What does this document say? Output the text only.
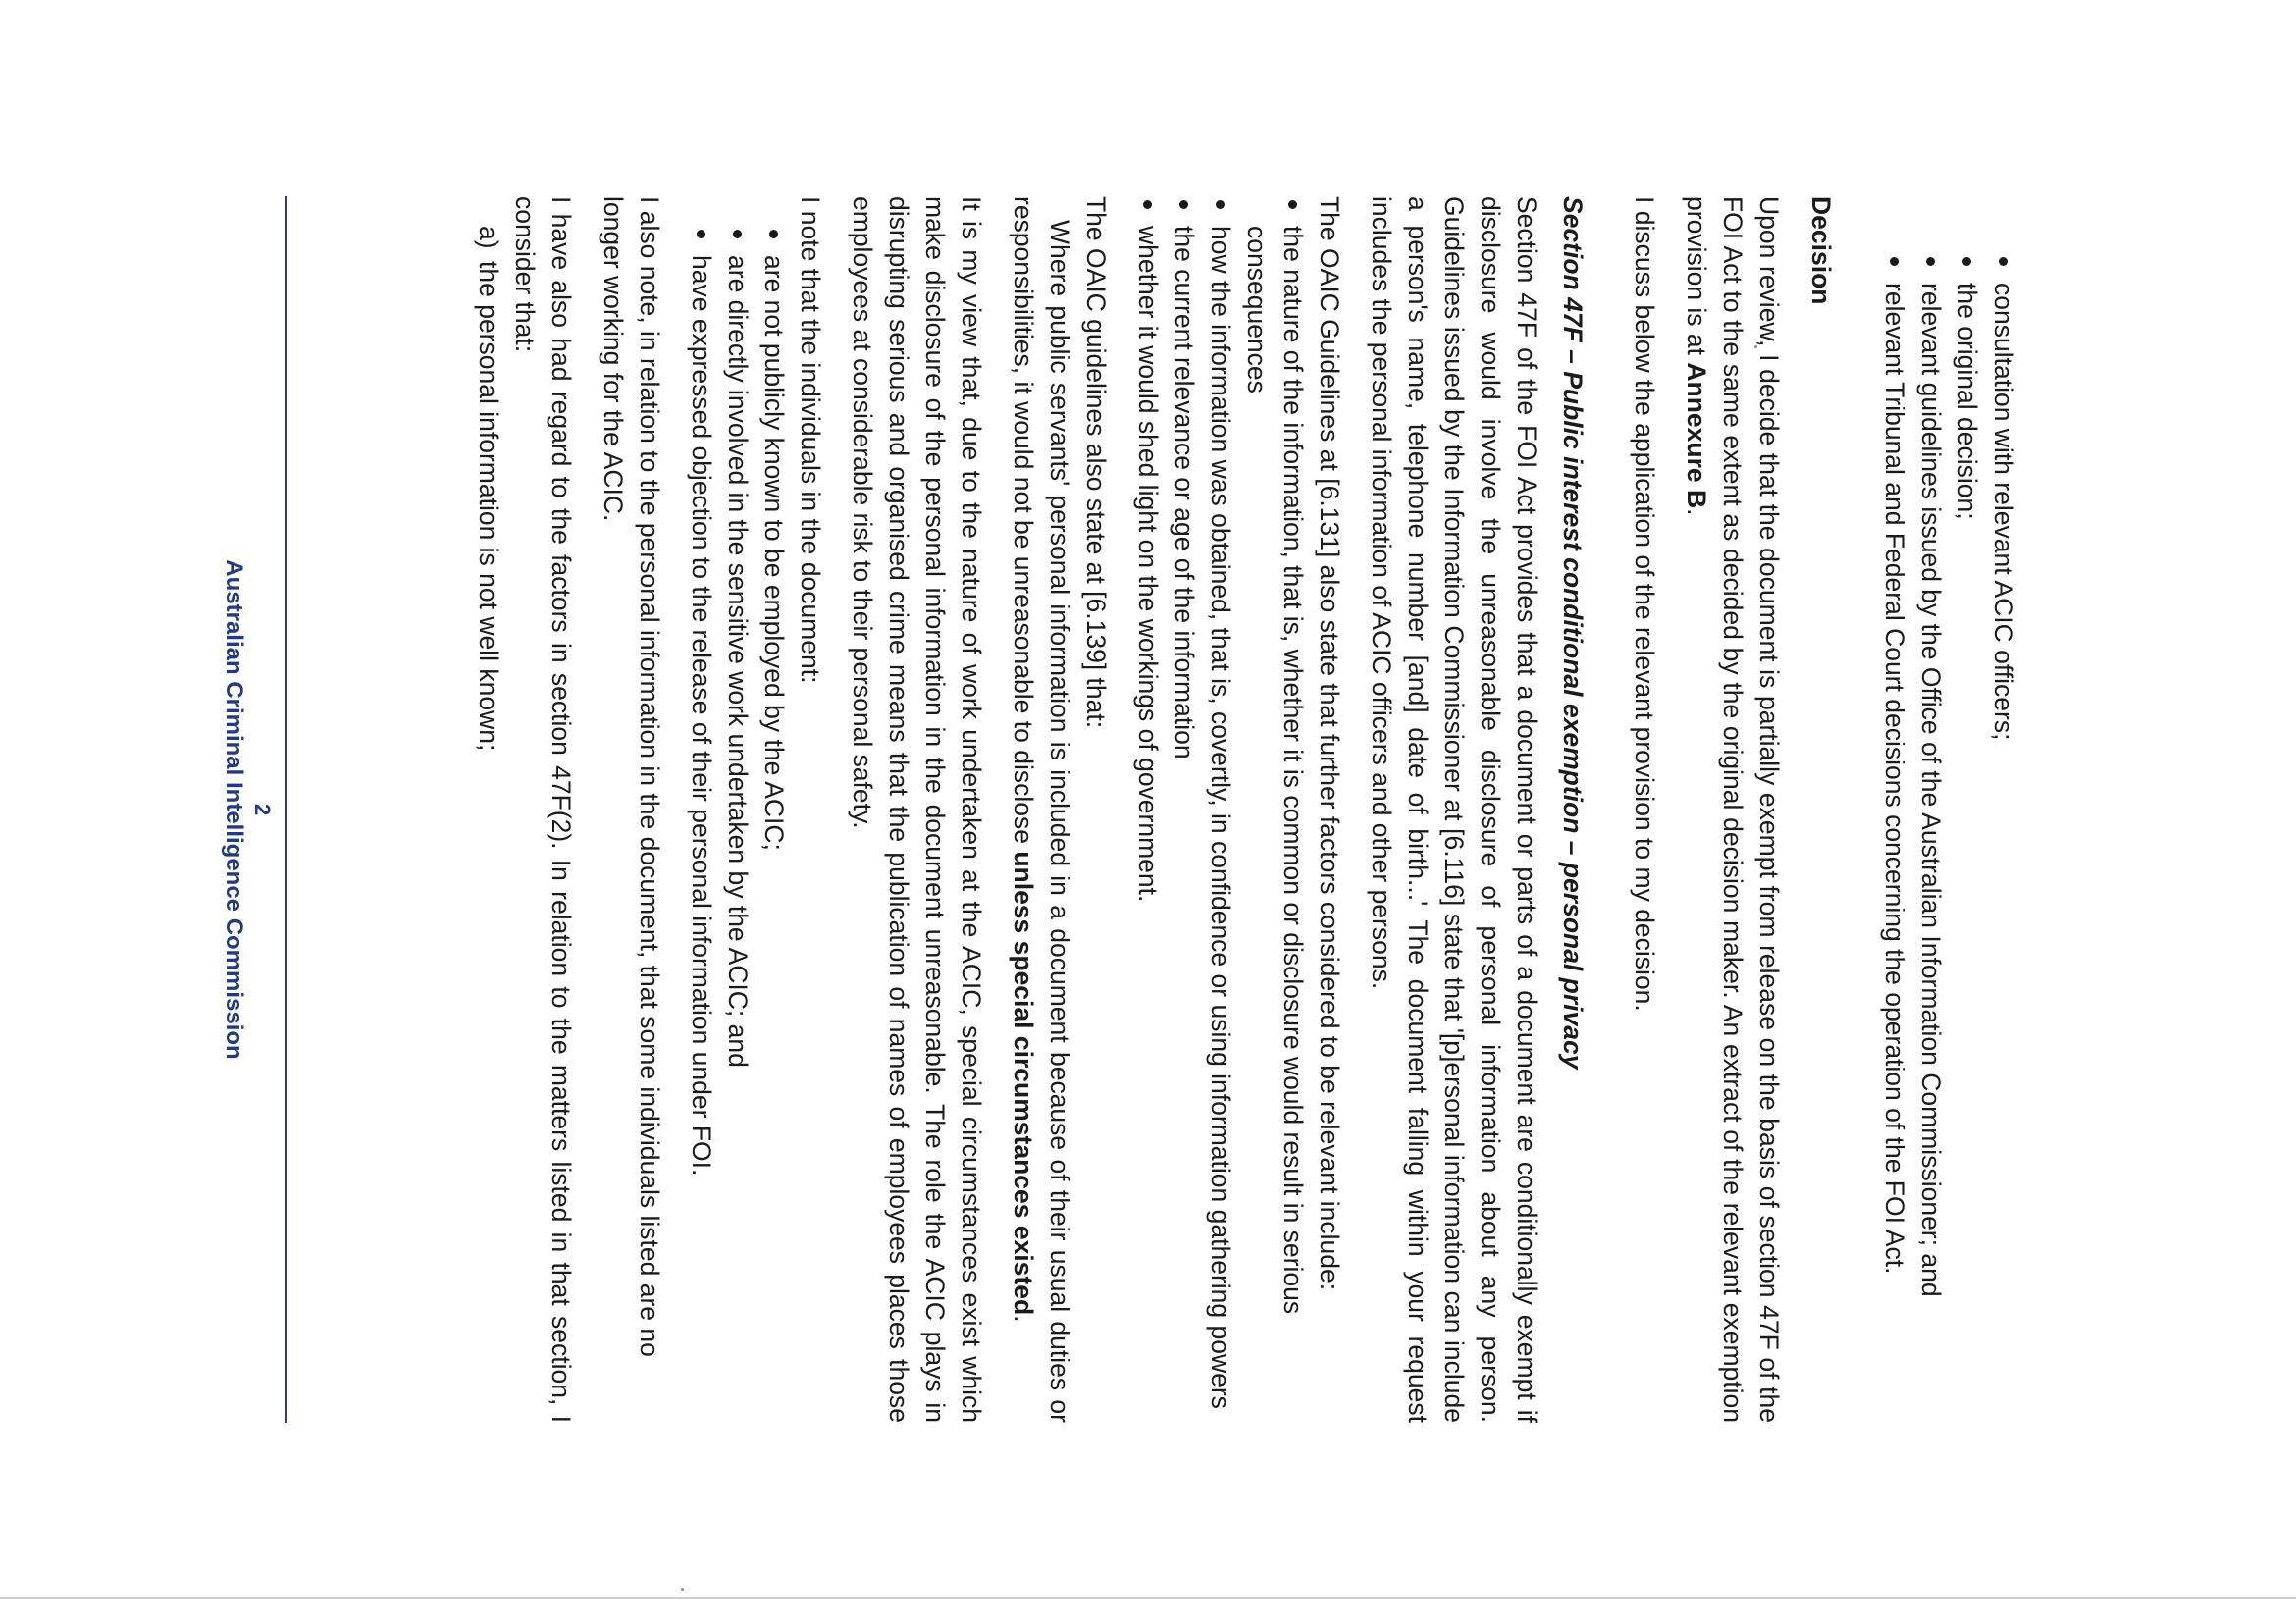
consultation with relevant ACIC officers;
the original decision;
relevant guidelines issued by the Office of the Australian Information Commissioner; and
relevant Tribunal and Federal Court decisions concerning the operation of the FOI Act.
Decision

Upon review, I decide that the document is partially exempt from release on the basis of section 47F of the FOI Act to the same extent as decided by the original decision maker. An extract of the relevant exemption provision is at Annexure B.

I discuss below the application of the relevant provision to my decision.

Section 47F – Public interest conditional exemption – personal privacy

Section 47F of the FOI Act provides that a document or parts of a document are conditionally exempt if disclosure would involve the unreasonable disclosure of personal information about any person. Guidelines issued by the Information Commissioner at [6.116] state that '[p]ersonal information can include a person's name, telephone number [and] date of birth...' The document falling within your request includes the personal information of ACIC officers and other persons.

The OAIC Guidelines at [6.131] also state that further factors considered to be relevant include:

the nature of the information, that is, whether it is common or disclosure would result in serious consequences
how the information was obtained, that is, covertly, in confidence or using information gathering powers
the current relevance or age of the information
whether it would shed light on the workings of government.

The OAIC guidelines also state at [6.139] that:

Where public servants' personal information is included in a document because of their usual duties or responsibilities, it would not be unreasonable to disclose unless special circumstances existed.

It is my view that, due to the nature of work undertaken at the ACIC, special circumstances exist which make disclosure of the personal information in the document unreasonable. The role the ACIC plays in disrupting serious and organised crime means that the publication of names of employees places those employees at considerable risk to their personal safety.

I note that the individuals in the document:

are not publicly known to be employed by the ACIC;
are directly involved in the sensitive work undertaken by the ACIC; and
have expressed objection to the release of their personal information under FOI.

I also note, in relation to the personal information in the document, that some individuals listed are no longer working for the ACIC.

I have also had regard to the factors in section 47F(2). In relation to the matters listed in that section, I consider that:

a)the personal information is not well known;
2
Australian Criminal Intelligence Commission
